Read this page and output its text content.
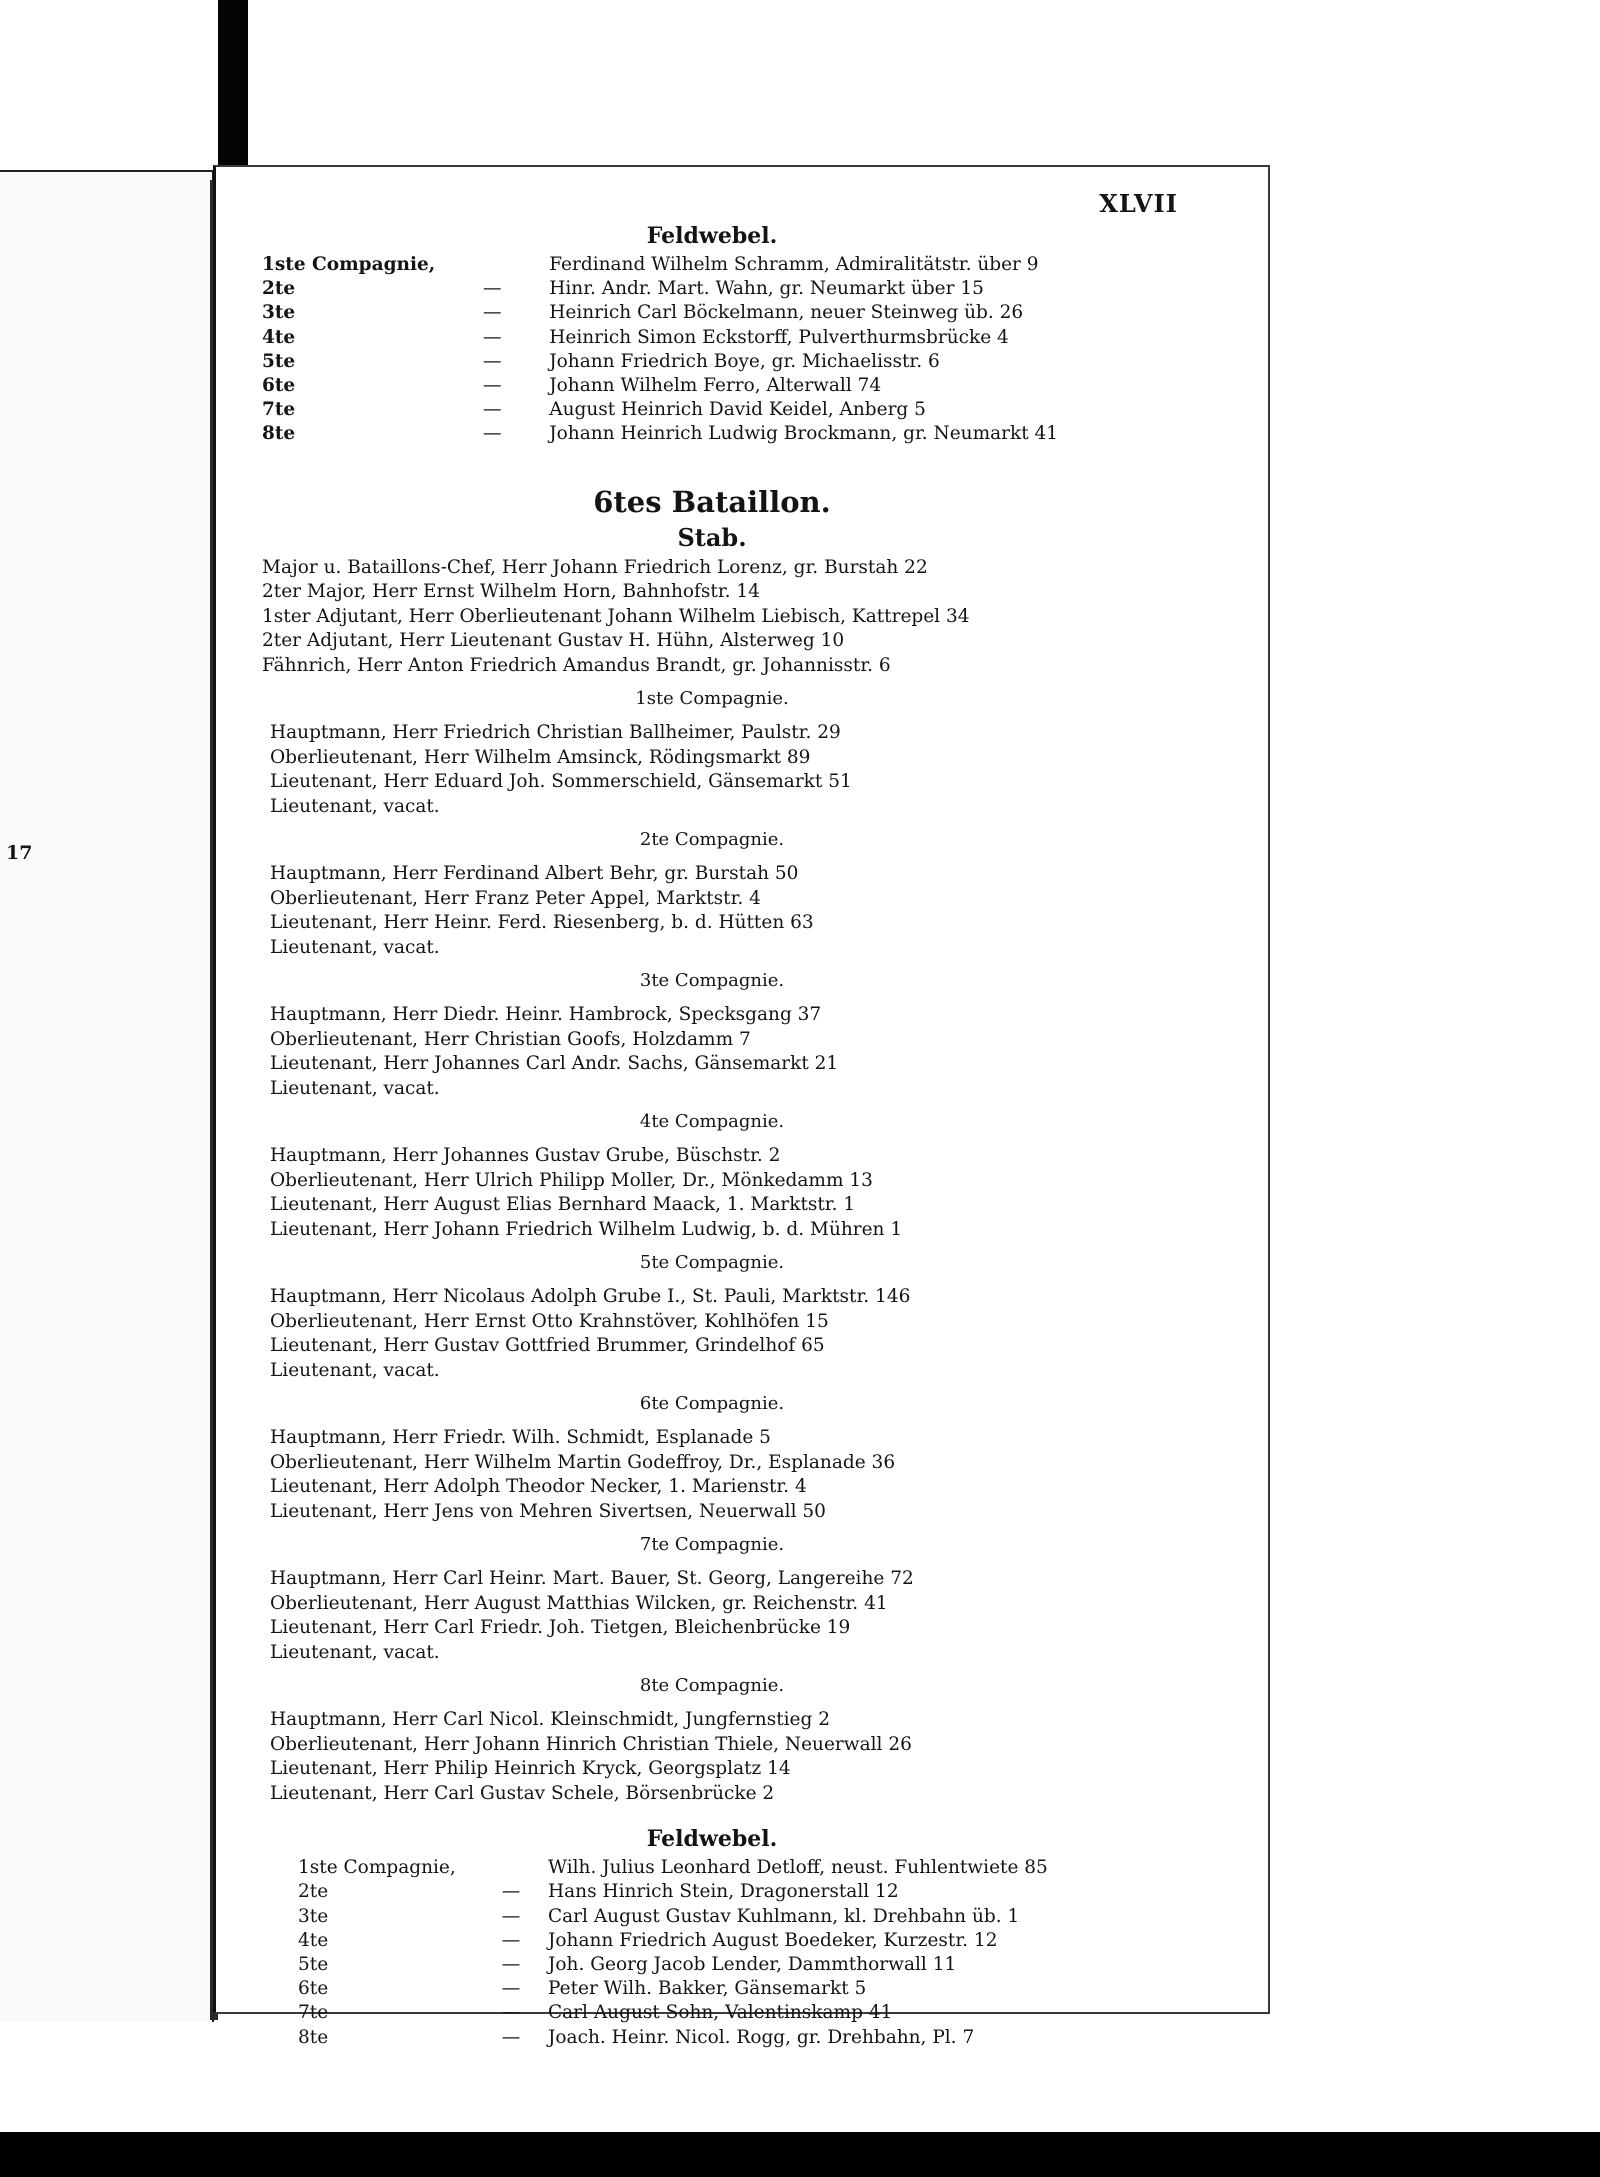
17
XLVII
Feldwebel.
1ste Compagnie,		Ferdinand Wilhelm Schramm, Admiralitätstr. über 9
2te	—	Hinr. Andr. Mart. Wahn, gr. Neumarkt über 15
3te	—	Heinrich Carl Böckelmann, neuer Steinweg üb. 26
4te	—	Heinrich Simon Eckstorff, Pulverthurmsbrücke 4
5te	—	Johann Friedrich Boye, gr. Michaelisstr. 6
6te	—	Johann Wilhelm Ferro, Alterwall 74
7te	—	August Heinrich David Keidel, Anberg 5
8te	—	Johann Heinrich Ludwig Brockmann, gr. Neumarkt 41
6tes Bataillon.
Stab.
Major u. Bataillons-Chef, Herr Johann Friedrich Lorenz, gr. Burstah 22
2ter Major, Herr Ernst Wilhelm Horn, Bahnhofstr. 14
1ster Adjutant, Herr Oberlieutenant Johann Wilhelm Liebisch, Kattrepel 34
2ter Adjutant, Herr Lieutenant Gustav H. Hühn, Alsterweg 10
Fähnrich, Herr Anton Friedrich Amandus Brandt, gr. Johannisstr. 6
1ste Compagnie.
Hauptmann, Herr Friedrich Christian Ballheimer, Paulstr. 29
Oberlieutenant, Herr Wilhelm Amsinck, Rödingsmarkt 89
Lieutenant, Herr Eduard Joh. Sommerschield, Gänsemarkt 51
Lieutenant, vacat.
2te Compagnie.
Hauptmann, Herr Ferdinand Albert Behr, gr. Burstah 50
Oberlieutenant, Herr Franz Peter Appel, Marktstr. 4
Lieutenant, Herr Heinr. Ferd. Riesenberg, b. d. Hütten 63
Lieutenant, vacat.
3te Compagnie.
Hauptmann, Herr Diedr. Heinr. Hambrock, Specksgang 37
Oberlieutenant, Herr Christian Goofs, Holzdamm 7
Lieutenant, Herr Johannes Carl Andr. Sachs, Gänsemarkt 21
Lieutenant, vacat.
4te Compagnie.
Hauptmann, Herr Johannes Gustav Grube, Büschstr. 2
Oberlieutenant, Herr Ulrich Philipp Moller, Dr., Mönkedamm 13
Lieutenant, Herr August Elias Bernhard Maack, 1. Marktstr. 1
Lieutenant, Herr Johann Friedrich Wilhelm Ludwig, b. d. Mühren 1
5te Compagnie.
Hauptmann, Herr Nicolaus Adolph Grube I., St. Pauli, Marktstr. 146
Oberlieutenant, Herr Ernst Otto Krahnstöver, Kohlhöfen 15
Lieutenant, Herr Gustav Gottfried Brummer, Grindelhof 65
Lieutenant, vacat.
6te Compagnie.
Hauptmann, Herr Friedr. Wilh. Schmidt, Esplanade 5
Oberlieutenant, Herr Wilhelm Martin Godeffroy, Dr., Esplanade 36
Lieutenant, Herr Adolph Theodor Necker, 1. Marienstr. 4
Lieutenant, Herr Jens von Mehren Sivertsen, Neuerwall 50
7te Compagnie.
Hauptmann, Herr Carl Heinr. Mart. Bauer, St. Georg, Langereihe 72
Oberlieutenant, Herr August Matthias Wilcken, gr. Reichenstr. 41
Lieutenant, Herr Carl Friedr. Joh. Tietgen, Bleichenbrücke 19
Lieutenant, vacat.
8te Compagnie.
Hauptmann, Herr Carl Nicol. Kleinschmidt, Jungfernstieg 2
Oberlieutenant, Herr Johann Hinrich Christian Thiele, Neuerwall 26
Lieutenant, Herr Philip Heinrich Kryck, Georgsplatz 14
Lieutenant, Herr Carl Gustav Schele, Börsenbrücke 2
Feldwebel.
1ste Compagnie,		Wilh. Julius Leonhard Detloff, neust. Fuhlentwiete 85
2te	—	Hans Hinrich Stein, Dragonerstall 12
3te	—	Carl August Gustav Kuhlmann, kl. Drehbahn üb. 1
4te	—	Johann Friedrich August Boedeker, Kurzestr. 12
5te	—	Joh. Georg Jacob Lender, Dammthorwall 11
6te	—	Peter Wilh. Bakker, Gänsemarkt 5
7te	—	Carl August Sohn, Valentinskamp 41
8te	—	Joach. Heinr. Nicol. Rogg, gr. Drehbahn, Pl. 7
